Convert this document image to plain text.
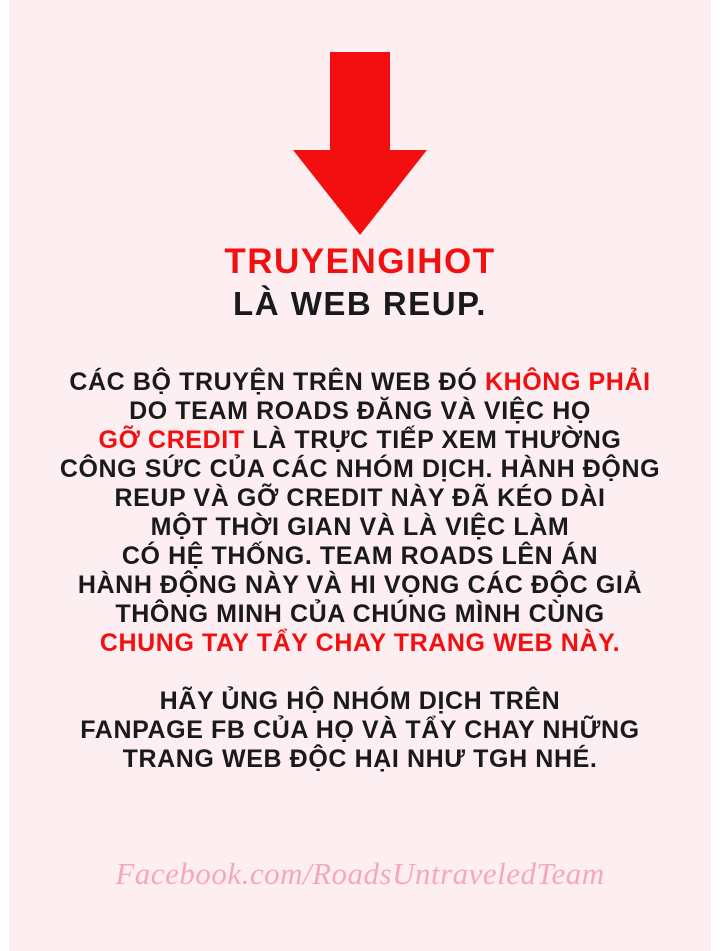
TRUYENGIHOT
LÀ WEB REUP.
CÁC BỘ TRUYỆN TRÊN WEB ĐÓ KHÔNG PHẢI
DO TEAM ROADS ĐĂNG VÀ VIỆC HỌ
GỠ CREDIT LÀ TRỰC TIẾP XEM THƯỜNG
CÔNG SỨC CỦA CÁC NHÓM DỊCH. HÀNH ĐỘNG
REUP VÀ GỠ CREDIT NÀY ĐÃ KÉO DÀI
MỘT THỜI GIAN VÀ LÀ VIỆC LÀM
CÓ HỆ THỐNG. TEAM ROADS LÊN ÁN
HÀNH ĐỘNG NÀY VÀ HI VỌNG CÁC ĐỘC GIẢ
THÔNG MINH CỦA CHÚNG MÌNH CÙNG
CHUNG TAY TẨY CHAY TRANG WEB NÀY.
HÃY ỦNG HỘ NHÓM DỊCH TRÊN
FANPAGE FB CỦA HỌ VÀ TẨY CHAY NHỮNG
TRANG WEB ĐỘC HẠI NHƯ TGH NHÉ.
Facebook.com/RoadsUntraveledTeam
